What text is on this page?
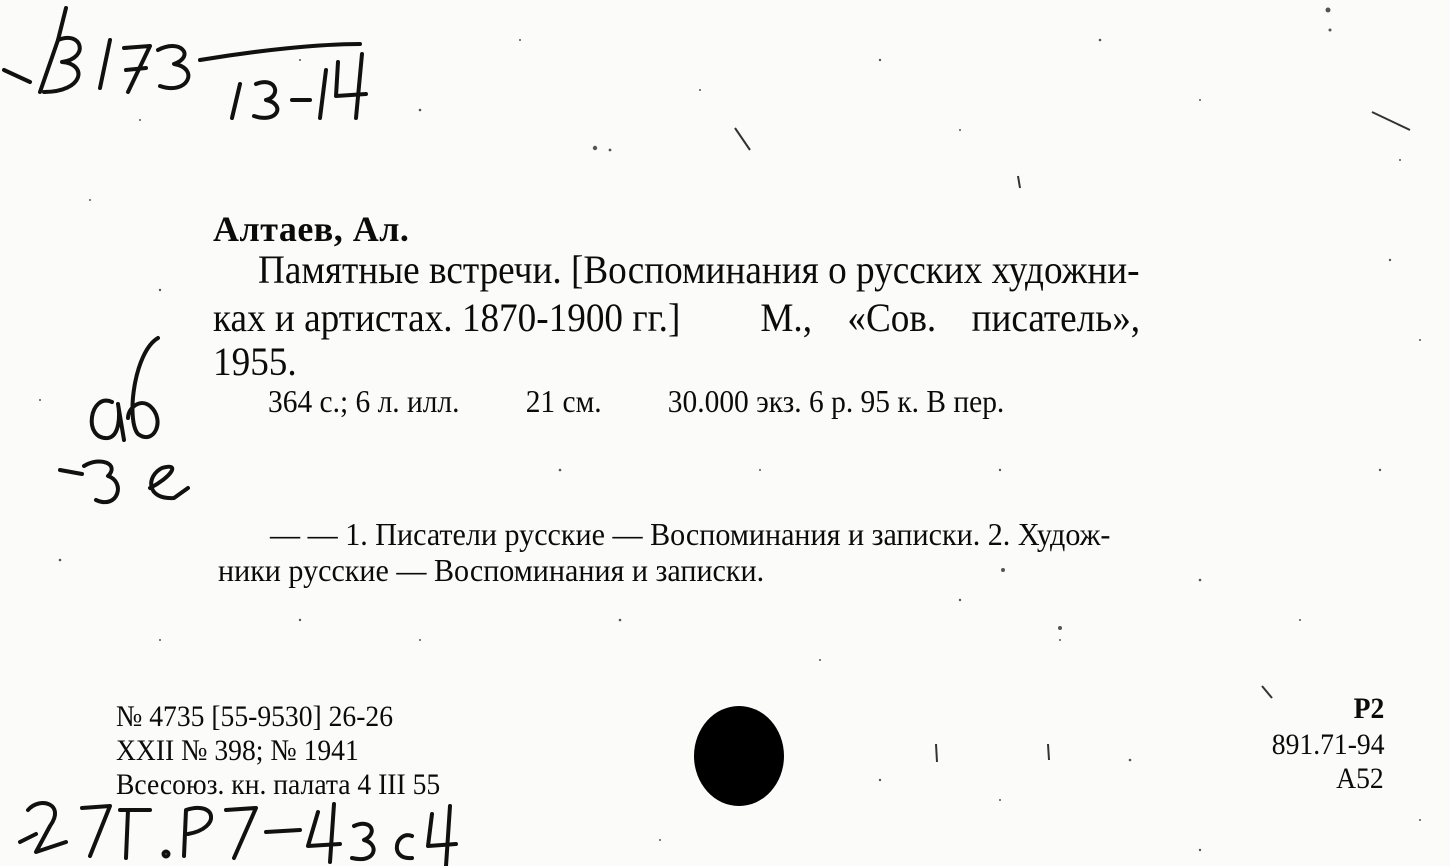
Алтаев, Ал.
Памятные встречи. [Воспоминания о русских художни-
ках и артистах. 1870-1900 гг.] М., «Сов. писатель»,
1955.
364 с.; 6 л. илл. 21 см. 30.000 экз. 6 р. 95 к. В пер.
— — 1. Писатели русские — Воспоминания и записки. 2. Худож-
ники русские — Воспоминания и записки.
№ 4735 [55-9530] 26-26
XXII № 398; № 1941
Всесоюз. кн. палата 4 III 55
Р2
891.71-94
А52
